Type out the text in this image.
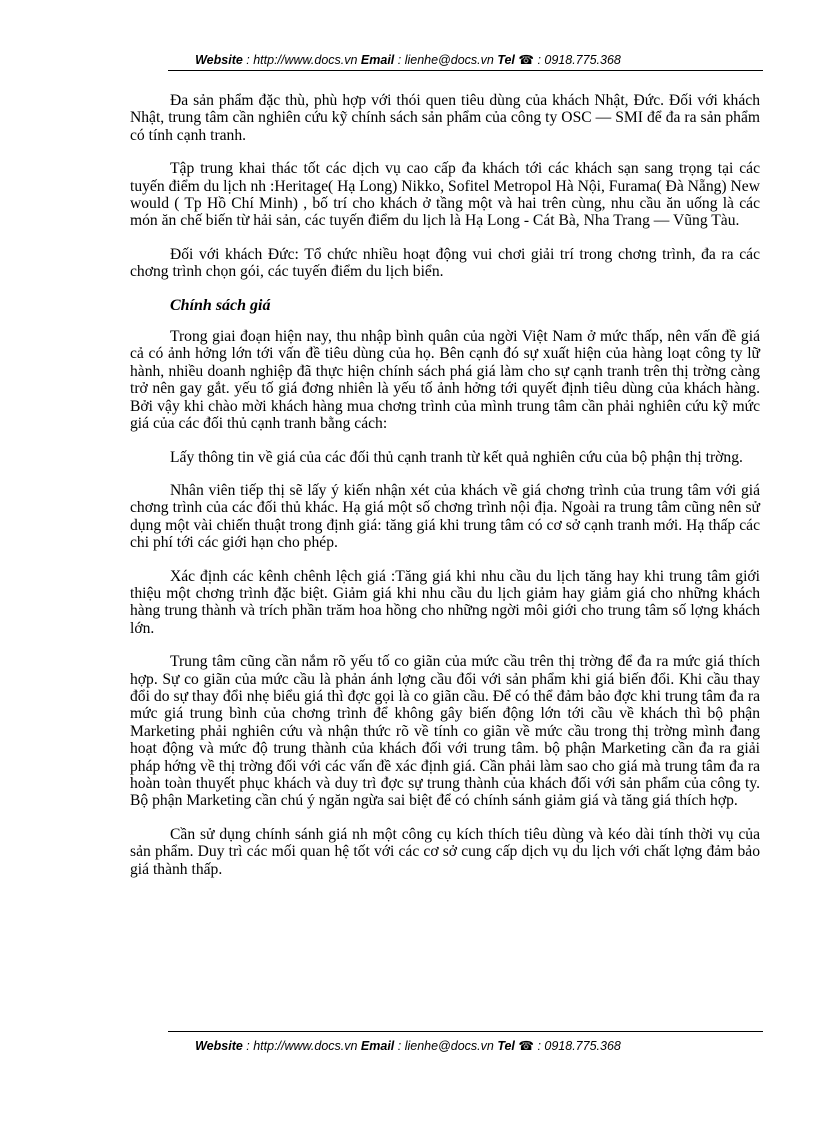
Website : http://www.docs.vn Email : lienhe@docs.vn Tel ☎ : 0918.775.368

Đa sản phẩm đặc thù, phù hợp với thói quen tiêu dùng của khách Nhật, Đức. Đối với khách Nhật, trung tâm cần nghiên cứu kỹ chính sách sản phẩm của công ty OSC — SMI để đa ra sản phẩm có tính cạnh tranh.

Tập trung khai thác tốt các dịch vụ cao cấp đa khách tới các khách sạn sang trọng tại các tuyến điểm du lịch nh :Heritage( Hạ Long) Nikko, Sofitel Metropol Hà Nội, Furama( Đà Nẵng) New would ( Tp Hồ Chí Minh) , bố trí cho khách ở tầng một và hai trên cùng, nhu cầu ăn uống là các món ăn chế biến từ hải sản, các tuyến điểm du lịch là Hạ Long - Cát Bà, Nha Trang — Vũng Tàu.

Đối với khách Đức: Tổ chức nhiều hoạt động vui chơi giải trí trong chơng trình, đa ra các chơng trình chọn gói, các tuyến điểm du lịch biển.

Chính sách giá

Trong giai đoạn hiện nay, thu nhập bình quân của ngời Việt Nam ở mức thấp, nên vấn đề giá cả có ảnh hởng lớn tới vấn đề tiêu dùng của họ. Bên cạnh đó sự xuất hiện của hàng loạt công ty lữ hành, nhiều doanh nghiệp đã thực hiện chính sách phá giá làm cho sự cạnh tranh trên thị trờng càng trở nên gay gắt. yếu tố giá đơng nhiên là yếu tố ảnh hởng tới quyết định tiêu dùng của khách hàng. Bởi vậy khi chào mời khách hàng mua chơng trình của mình trung tâm cần phải nghiên cứu kỹ mức giá của các đối thủ cạnh tranh bằng cách:

Lấy thông tin về giá của các đối thủ cạnh tranh từ kết quả nghiên cứu của bộ phận thị trờng.

Nhân viên tiếp thị sẽ lấy ý kiến nhận xét của khách về giá chơng trình của trung tâm với giá chơng trình của các đối thủ khác. Hạ giá một số chơng trình nội địa. Ngoài ra trung tâm cũng nên sử dụng một vài chiến thuật trong định giá: tăng giá khi trung tâm có cơ sở cạnh tranh mới. Hạ thấp các chi phí tới các giới hạn cho phép.

Xác định các kênh chênh lệch giá :Tăng giá khi nhu cầu du lịch tăng hay khi trung tâm giới thiệu một chơng trình đặc biệt. Giảm giá khi nhu cầu du lịch giảm hay giảm giá cho những khách hàng trung thành và trích phần trăm hoa hồng cho những ngời môi giới cho trung tâm số lợng khách lớn.

Trung tâm cũng cần nắm rõ yếu tố co giãn của mức cầu trên thị trờng để đa ra mức giá thích hợp. Sự co giãn của mức cầu là phản ánh lợng cầu đổi với sản phẩm khi giá biến đổi. Khi cầu thay đổi do sự thay đổi nhẹ biểu giá thì đợc gọi là co giãn cầu. Để có thể đảm bảo đợc khi trung tâm đa ra mức giá trung bình của chơng trình để không gây biến động lớn tới cầu về khách thì bộ phận Marketing phải nghiên cứu và nhận thức rõ về tính co giãn về mức cầu trong thị trờng mình đang hoạt động và mức độ trung thành của khách đối với trung tâm. bộ phận Marketing cần đa ra giải pháp hớng về thị trờng đối với các vấn đề xác định giá. Cần phải làm sao cho giá mà trung tâm đa ra hoàn toàn thuyết phục khách và duy trì đợc sự trung thành của khách đối với sản phẩm của công ty. Bộ phận Marketing cần chú ý ngăn ngừa sai biệt để có chính sánh giảm giá và tăng giá thích hợp.

Cần sử dụng chính sánh giá nh một công cụ kích thích tiêu dùng và kéo dài tính thời vụ của sản phẩm. Duy trì các mối quan hệ tốt với các cơ sở cung cấp dịch vụ du lịch với chất lợng đảm bảo giá thành thấp.

Website : http://www.docs.vn Email : lienhe@docs.vn Tel ☎ : 0918.775.368
